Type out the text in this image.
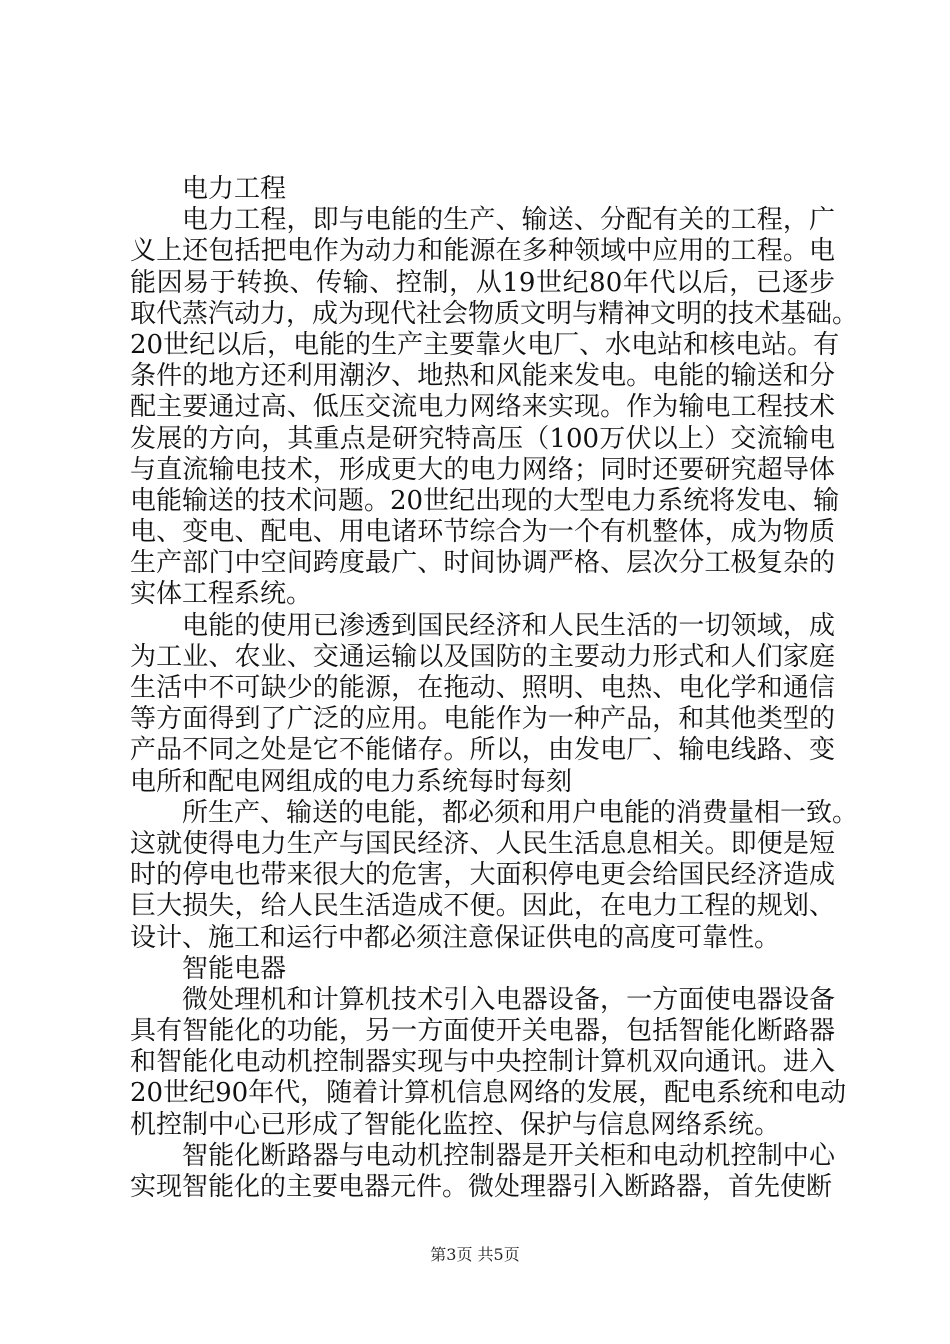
电力工程
电力工程，即与电能的生产、输送、分配有关的工程，广
义上还包括把电作为动力和能源在多种领域中应用的工程。电
能因易于转换、传输、控制，从19世纪80年代以后，已逐步
取代蒸汽动力，成为现代社会物质文明与精神文明的技术基础。
20世纪以后，电能的生产主要靠火电厂、水电站和核电站。有
条件的地方还利用潮汐、地热和风能来发电。电能的输送和分
配主要通过高、低压交流电力网络来实现。作为输电工程技术
发展的方向，其重点是研究特高压（100万伏以上）交流输电
与直流输电技术，形成更大的电力网络；同时还要研究超导体
电能输送的技术问题。20世纪出现的大型电力系统将发电、输
电、变电、配电、用电诸环节综合为一个有机整体，成为物质
生产部门中空间跨度最广、时间协调严格、层次分工极复杂的
实体工程系统。
电能的使用已渗透到国民经济和人民生活的一切领域，成
为工业、农业、交通运输以及国防的主要动力形式和人们家庭
生活中不可缺少的能源，在拖动、照明、电热、电化学和通信
等方面得到了广泛的应用。电能作为一种产品，和其他类型的
产品不同之处是它不能储存。所以，由发电厂、输电线路、变
电所和配电网组成的电力系统每时每刻
所生产、输送的电能，都必须和用户电能的消费量相一致。
这就使得电力生产与国民经济、人民生活息息相关。即便是短
时的停电也带来很大的危害，大面积停电更会给国民经济造成
巨大损失，给人民生活造成不便。因此，在电力工程的规划、
设计、施工和运行中都必须注意保证供电的高度可靠性。
智能电器
微处理机和计算机技术引入电器设备，一方面使电器设备
具有智能化的功能，另一方面使开关电器，包括智能化断路器
和智能化电动机控制器实现与中央控制计算机双向通讯。进入
20世纪90年代，随着计算机信息网络的发展，配电系统和电动
机控制中心已形成了智能化监控、保护与信息网络系统。
智能化断路器与电动机控制器是开关柜和电动机控制中心
实现智能化的主要电器元件。微处理器引入断路器，首先使断
第3页 共5页
